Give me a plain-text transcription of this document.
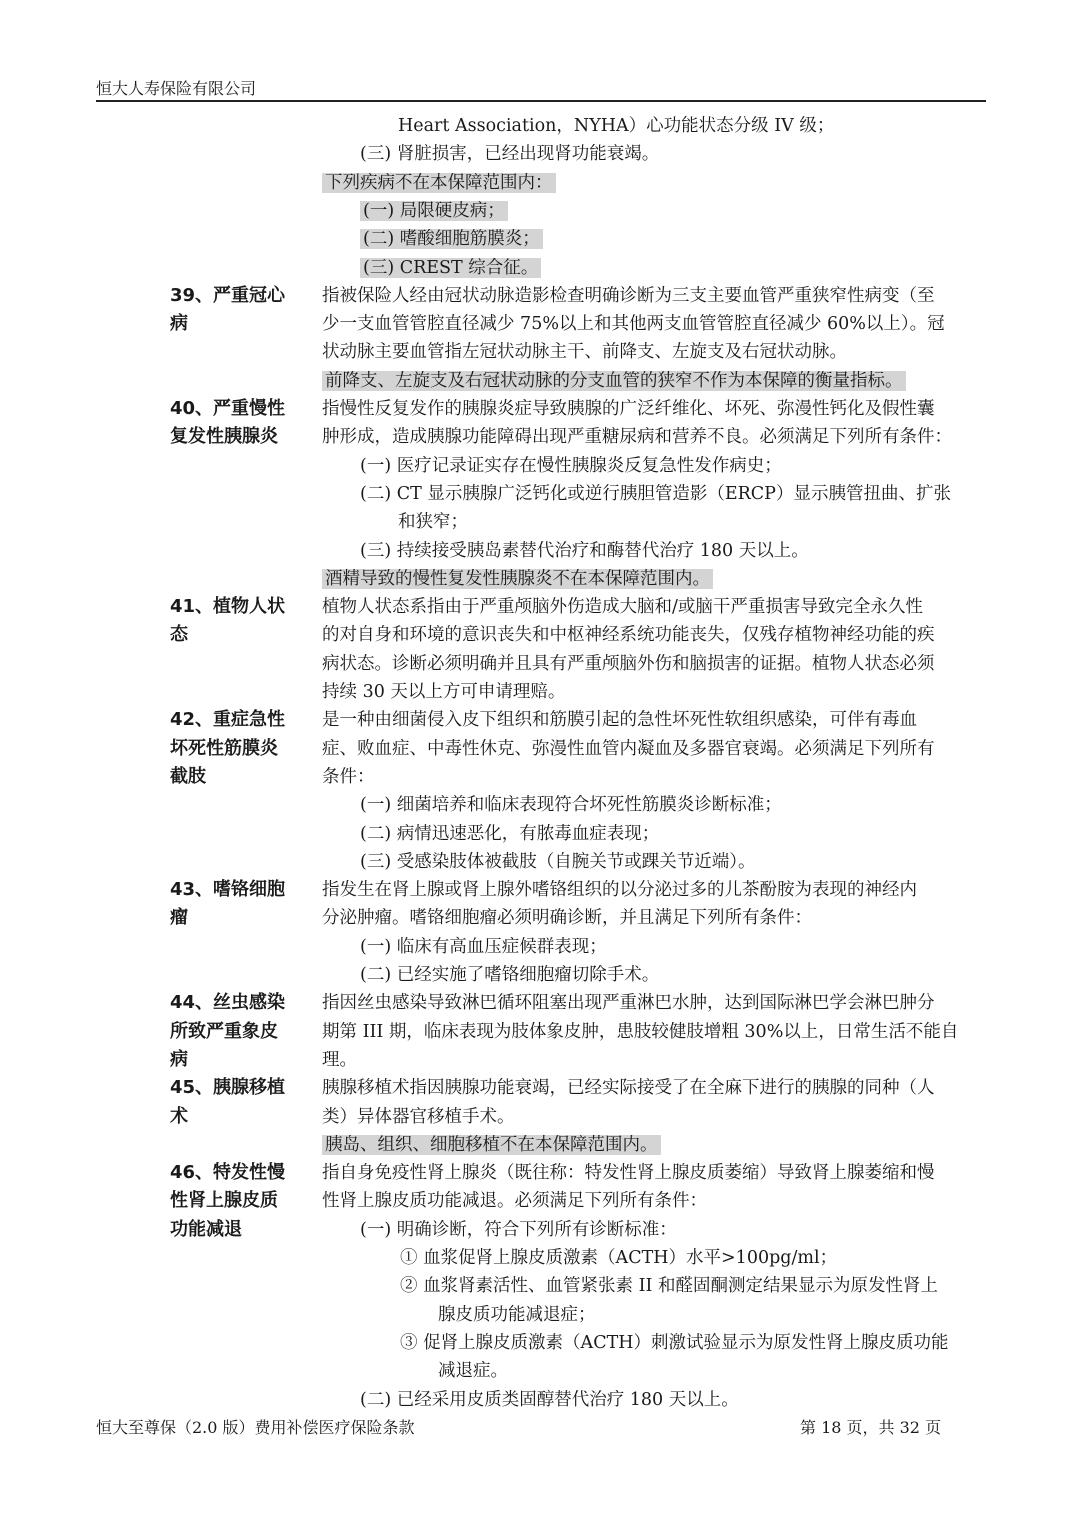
恒大人寿保险有限公司
Heart Association，NYHA）心功能状态分级 IV 级；
(三) 肾脏损害，已经出现肾功能衰竭。
下列疾病不在本保障范围内：
(一) 局限硬皮病；
(二) 嗜酸细胞筋膜炎；
(三) CREST 综合征。
39、严重冠心
病
指被保险人经由冠状动脉造影检查明确诊断为三支主要血管严重狭窄性病变（至
少一支血管管腔直径减少 75%以上和其他两支血管管腔直径减少 60%以上）。冠
状动脉主要血管指左冠状动脉主干、前降支、左旋支及右冠状动脉。
前降支、左旋支及右冠状动脉的分支血管的狭窄不作为本保障的衡量指标。
40、严重慢性
复发性胰腺炎
指慢性反复发作的胰腺炎症导致胰腺的广泛纤维化、坏死、弥漫性钙化及假性囊
肿形成，造成胰腺功能障碍出现严重糖尿病和营养不良。必须满足下列所有条件：
(一) 医疗记录证实存在慢性胰腺炎反复急性发作病史；
(二) CT 显示胰腺广泛钙化或逆行胰胆管造影（ERCP）显示胰管扭曲、扩张
和狭窄；
(三) 持续接受胰岛素替代治疗和酶替代治疗 180 天以上。
酒精导致的慢性复发性胰腺炎不在本保障范围内。
41、植物人状
态
植物人状态系指由于严重颅脑外伤造成大脑和/或脑干严重损害导致完全永久性
的对自身和环境的意识丧失和中枢神经系统功能丧失，仅残存植物神经功能的疾
病状态。诊断必须明确并且具有严重颅脑外伤和脑损害的证据。植物人状态必须
持续 30 天以上方可申请理赔。
42、重症急性
坏死性筋膜炎
截肢
是一种由细菌侵入皮下组织和筋膜引起的急性坏死性软组织感染，可伴有毒血
症、败血症、中毒性休克、弥漫性血管内凝血及多器官衰竭。必须满足下列所有
条件：
(一) 细菌培养和临床表现符合坏死性筋膜炎诊断标准；
(二) 病情迅速恶化，有脓毒血症表现；
(三) 受感染肢体被截肢（自腕关节或踝关节近端）。
43、嗜铬细胞
瘤
指发生在肾上腺或肾上腺外嗜铬组织的以分泌过多的儿茶酚胺为表现的神经内
分泌肿瘤。嗜铬细胞瘤必须明确诊断，并且满足下列所有条件：
(一) 临床有高血压症候群表现；
(二) 已经实施了嗜铬细胞瘤切除手术。
44、丝虫感染
所致严重象皮
病
指因丝虫感染导致淋巴循环阻塞出现严重淋巴水肿，达到国际淋巴学会淋巴肿分
期第 III 期，临床表现为肢体象皮肿，患肢较健肢增粗 30%以上，日常生活不能自
理。
45、胰腺移植
术
胰腺移植术指因胰腺功能衰竭，已经实际接受了在全麻下进行的胰腺的同种（人
类）异体器官移植手术。
胰岛、组织、细胞移植不在本保障范围内。
46、特发性慢
性肾上腺皮质
功能减退
指自身免疫性肾上腺炎（既往称：特发性肾上腺皮质萎缩）导致肾上腺萎缩和慢
性肾上腺皮质功能减退。必须满足下列所有条件：
(一) 明确诊断，符合下列所有诊断标准：
① 血浆促肾上腺皮质激素（ACTH）水平>100pg/ml；
② 血浆肾素活性、血管紧张素 II 和醛固酮测定结果显示为原发性肾上
腺皮质功能减退症；
③ 促肾上腺皮质激素（ACTH）刺激试验显示为原发性肾上腺皮质功能
减退症。
(二) 已经采用皮质类固醇替代治疗 180 天以上。
恒大至尊保（2.0 版）费用补偿医疗保险条款	第 18 页，共 32 页
